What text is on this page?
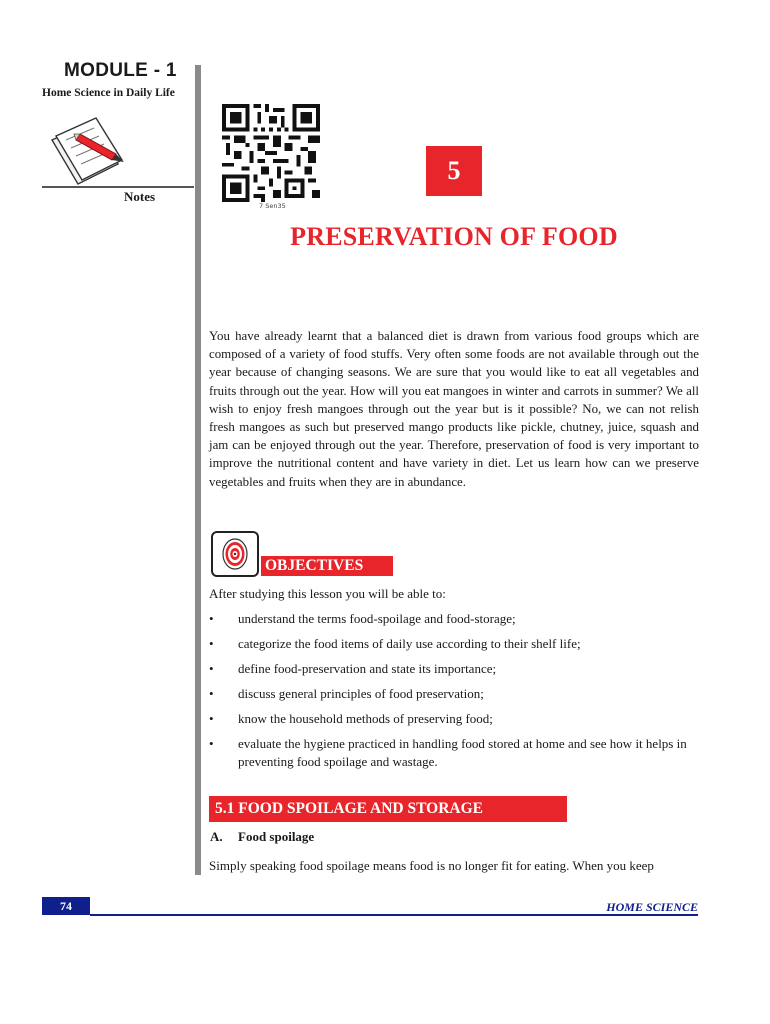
MODULE - 1
Home Science in Daily Life
Notes
7 Sen35
5
PRESERVATION OF FOOD

You have already learnt that a balanced diet is drawn from various food groups which are composed of a variety of food stuffs. Very often some foods are not available through out the year because of changing seasons. We are sure that you would like to eat all vegetables and fruits through out the year. How will you eat mangoes in winter and carrots in summer? We all wish to enjoy fresh mangoes through out the year but is it possible? No, we can not relish fresh mangoes as such but preserved mango products like pickle, chutney, juice, squash and jam can be enjoyed through out the year. Therefore, preservation of food is very important to improve the nutritional content and have variety in diet. Let us learn how can we preserve vegetables and fruits when they are in abundance.

OBJECTIVES
After studying this lesson you will be able to:
• understand the terms food-spoilage and food-storage;
• categorize the food items of daily use according to their shelf life;
• define food-preservation and state its importance;
• discuss general principles of food preservation;
• know the household methods of preserving food;
• evaluate the hygiene practiced in handling food stored at home and see how it helps in preventing food spoilage and wastage.
5.1 FOOD SPOILAGE AND STORAGE
A. Food spoilage
Simply speaking food spoilage means food is no longer fit for eating. When you keep
74	HOME SCIENCE
